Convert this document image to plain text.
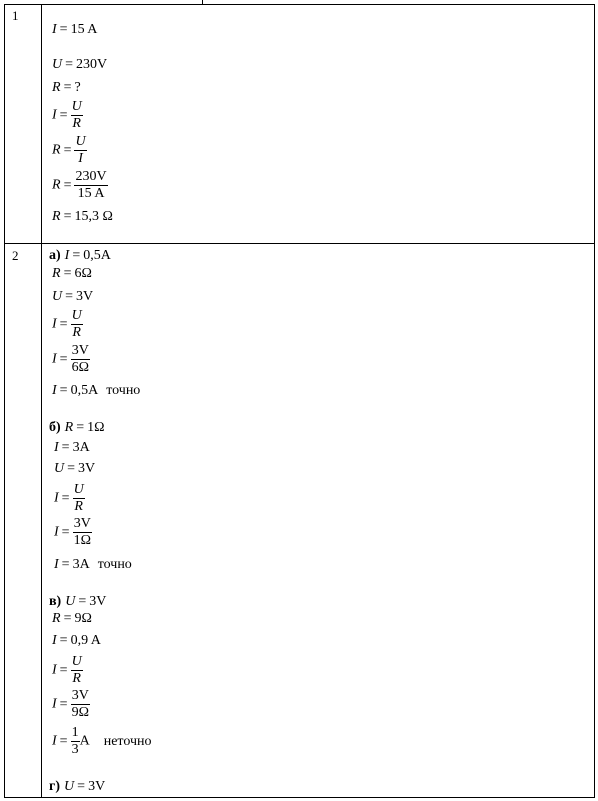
1
2
I = 15 A
U = 230V
R = ?
$I = \frac{U}{R}$
$R = \frac{U}{I}$
$R = \frac{230V}{15 A}$
R = 15,3 Ω
а) I = 0,5A
R = 6Ω
U = 3V
$I = \frac{U}{R}$
$I = \frac{3V}{6\Omega}$
I = 0,5A точно
б) R = 1Ω
I = 3A
U = 3V
$I = \frac{U}{R}$
$I = \frac{3V}{1\Omega}$
I = 3A точно
в) U = 3V
R = 9Ω
I = 0,9 A
$I = \frac{U}{R}$
$I = \frac{3V}{9\Omega}$
$I = \frac{1}{3}$ A неточно
г) U = 3V
